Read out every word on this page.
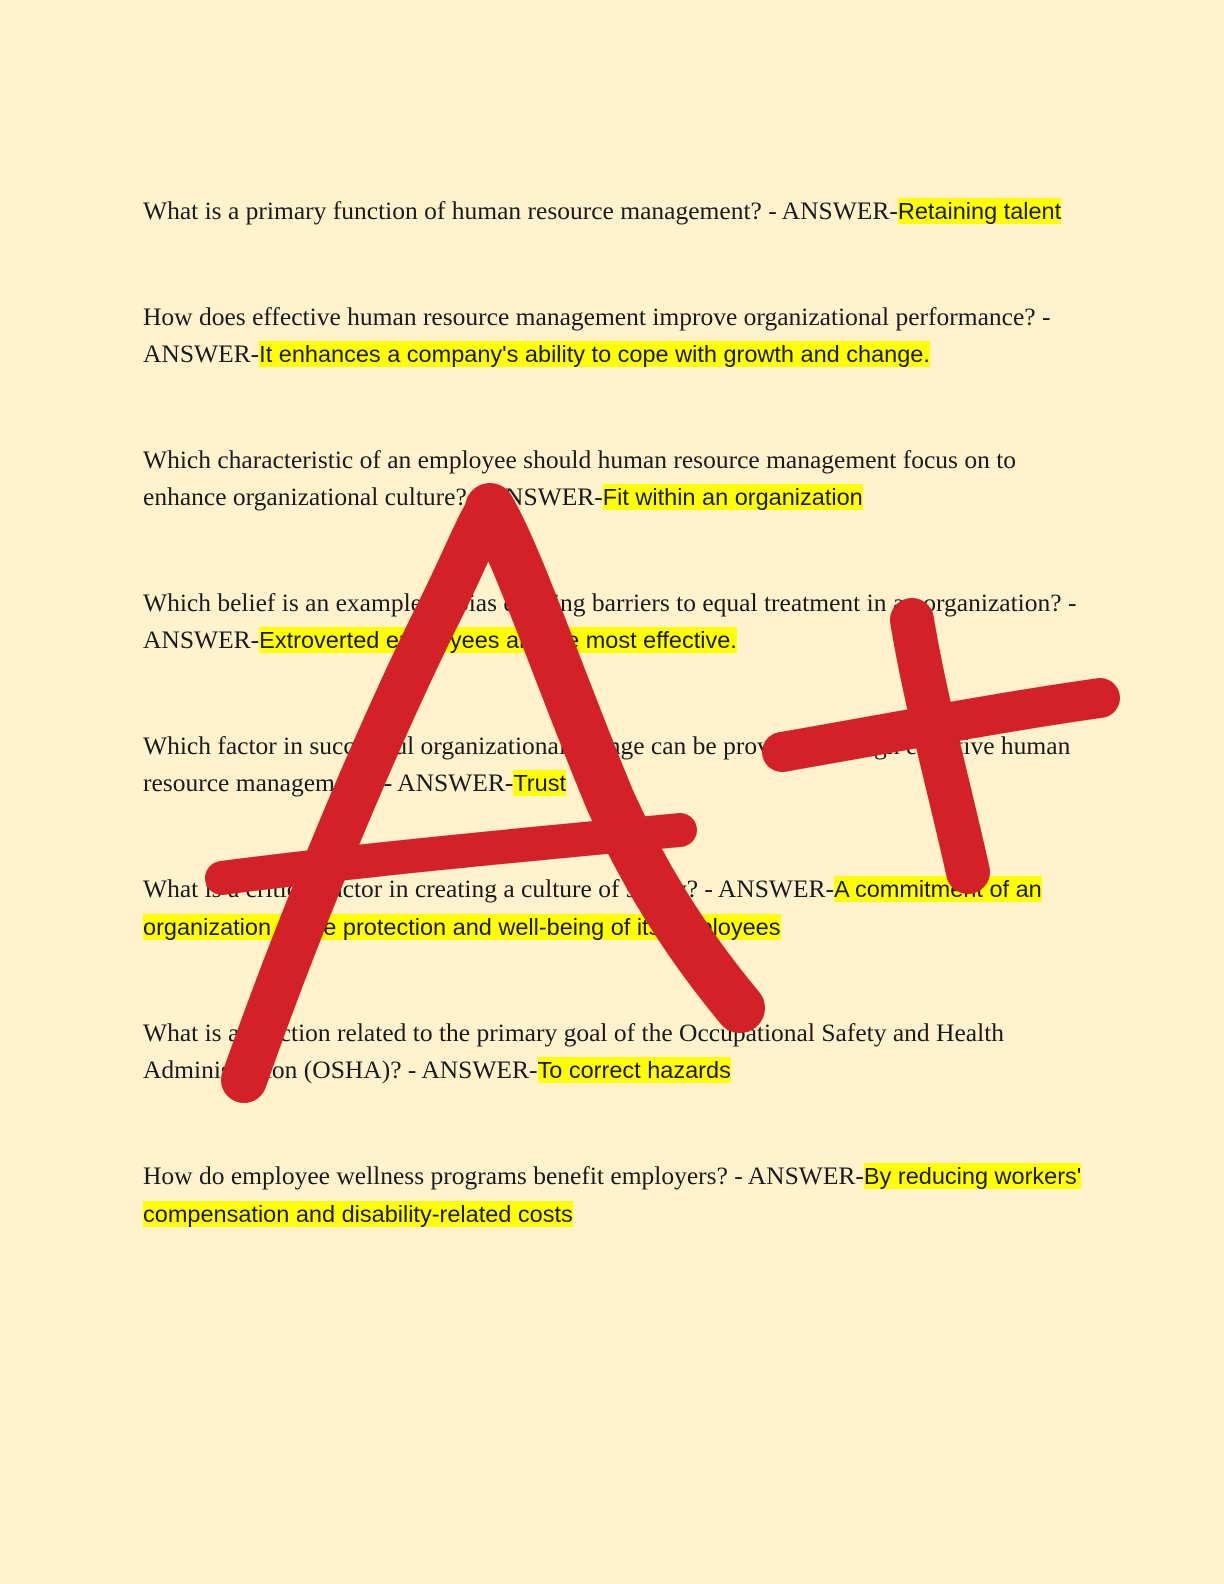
What is a primary function of human resource management? - ANSWER-Retaining talent

How does effective human resource management improve organizational performance? - ANSWER-It enhances a company's ability to cope with growth and change.

Which characteristic of an employee should human resource management focus on to enhance organizational culture? - ANSWER-Fit within an organization

Which belief is an example of bias creating barriers to equal treatment in an organization? - ANSWER-Extroverted employees are the most effective.

Which factor in successful organizational change can be provided through effective human resource management? - ANSWER-Trust

What is a critical factor in creating a culture of safety? - ANSWER-A commitment of an organization to the protection and well-being of its employees

What is a function related to the primary goal of the Occupational Safety and Health Administration (OSHA)? - ANSWER-To correct hazards

How do employee wellness programs benefit employers? - ANSWER-By reducing workers' compensation and disability-related costs
